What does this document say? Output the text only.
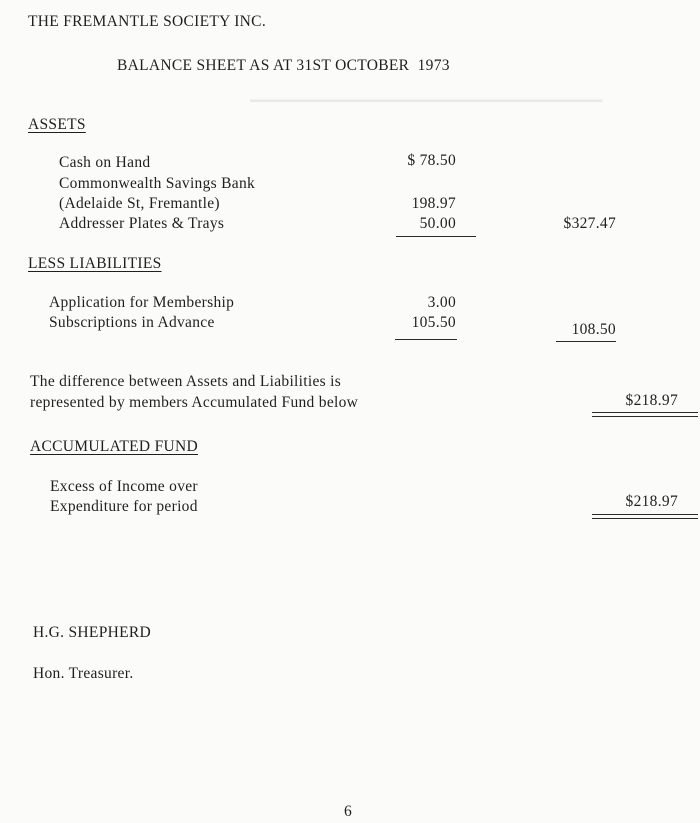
━━━━━━━━━━━━━━━━━━━━━━━━━━━━━━━━━━━━━━━
THE FREMANTLE SOCIETY INC.
BALANCE SHEET AS AT 31ST OCTOBER  1973
ASSETS
Cash on Hand	$ 78.50
Commonwealth Savings Bank
(Adelaide St, Fremantle)	198.97
Addresser Plates & Trays	50.00	$327.47
LESS LIABILITIES
Application for Membership	3.00
Subscriptions in Advance	105.50	108.50
The difference between Assets and Liabilities is
represented by members Accumulated Fund below	$218.97
ACCUMULATED FUND
Excess of Income over
Expenditure for period	$218.97
H.G. SHEPHERD
Hon. Treasurer.
6
